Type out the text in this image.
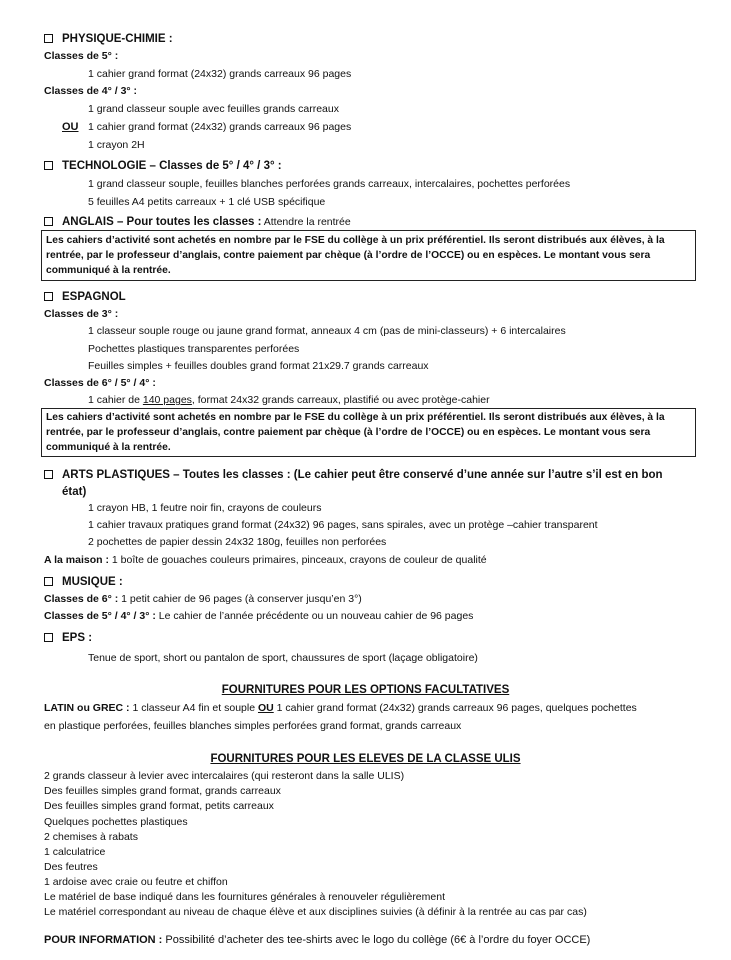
PHYSIQUE-CHIMIE :
Classes de 5° :
1 cahier grand format (24x32) grands carreaux 96 pages
Classes de 4° / 3° :
1 grand classeur souple avec feuilles grands carreaux
OU 1 cahier grand format (24x32) grands carreaux 96 pages
1 crayon 2H
TECHNOLOGIE – Classes de 5° / 4° / 3° :
1 grand classeur souple, feuilles blanches perforées grands carreaux, intercalaires, pochettes perforées
5 feuilles A4 petits carreaux + 1 clé USB spécifique
ANGLAIS – Pour toutes les classes : Attendre la rentrée
Les cahiers d’activité sont achetés en nombre par le FSE du collège à un prix préférentiel. Ils seront distribués aux élèves, à la
rentrée, par le professeur d’anglais, contre paiement par chèque (à l’ordre de l’OCCE) ou en espèces. Le montant vous sera
communiqué à la rentrée.
ESPAGNOL
Classes de 3° :
1 classeur souple rouge ou jaune grand format, anneaux 4 cm (pas de mini-classeurs) + 6 intercalaires
Pochettes plastiques transparentes perforées
Feuilles simples + feuilles doubles grand format 21x29.7 grands carreaux
Classes de 6° / 5° / 4° :
1 cahier de 140 pages, format 24x32 grands carreaux, plastifié ou avec protège-cahier
Les cahiers d’activité sont achetés en nombre par le FSE du collège à un prix préférentiel. Ils seront distribués aux élèves, à la
rentrée, par le professeur d’anglais, contre paiement par chèque (à l’ordre de l’OCCE) ou en espèces. Le montant vous sera
communiqué à la rentrée.
ARTS PLASTIQUES – Toutes les classes : (Le cahier peut être conservé d’une année sur l’autre s’il est en bon
état)
1 crayon HB, 1 feutre noir fin, crayons de couleurs
1 cahier travaux pratiques grand format (24x32) 96 pages, sans spirales, avec un protège –cahier transparent
2 pochettes de papier dessin 24x32 180g, feuilles non perforées
A la maison : 1 boîte de gouaches couleurs primaires, pinceaux, crayons de couleur de qualité
MUSIQUE :
Classes de 6° : 1 petit cahier de 96 pages (à conserver jusqu’en 3°)
Classes de 5° / 4° / 3° : Le cahier de l’année précédente ou un nouveau cahier de 96 pages
EPS :
Tenue de sport, short ou pantalon de sport, chaussures de sport (laçage obligatoire)
FOURNITURES POUR LES OPTIONS FACULTATIVES
LATIN ou GREC : 1 classeur A4 fin et souple OU 1 cahier grand format (24x32) grands carreaux 96 pages, quelques pochettes
en plastique perforées, feuilles blanches simples perforées grand format, grands carreaux
FOURNITURES POUR LES ELEVES DE LA CLASSE ULIS
2 grands classeur à levier avec intercalaires (qui resteront dans la salle ULIS)
Des feuilles simples grand format, grands carreaux
Des feuilles simples grand format, petits carreaux
Quelques pochettes plastiques
2 chemises à rabats
1 calculatrice
Des feutres
1 ardoise avec craie ou feutre et chiffon
Le matériel de base indiqué dans les fournitures générales à renouveler régulièrement
Le matériel correspondant au niveau de chaque élève et aux disciplines suivies (à définir à la rentrée au cas par cas)
POUR INFORMATION : Possibilité d’acheter des tee-shirts avec le logo du collège (6€ à l’ordre du foyer OCCE)
